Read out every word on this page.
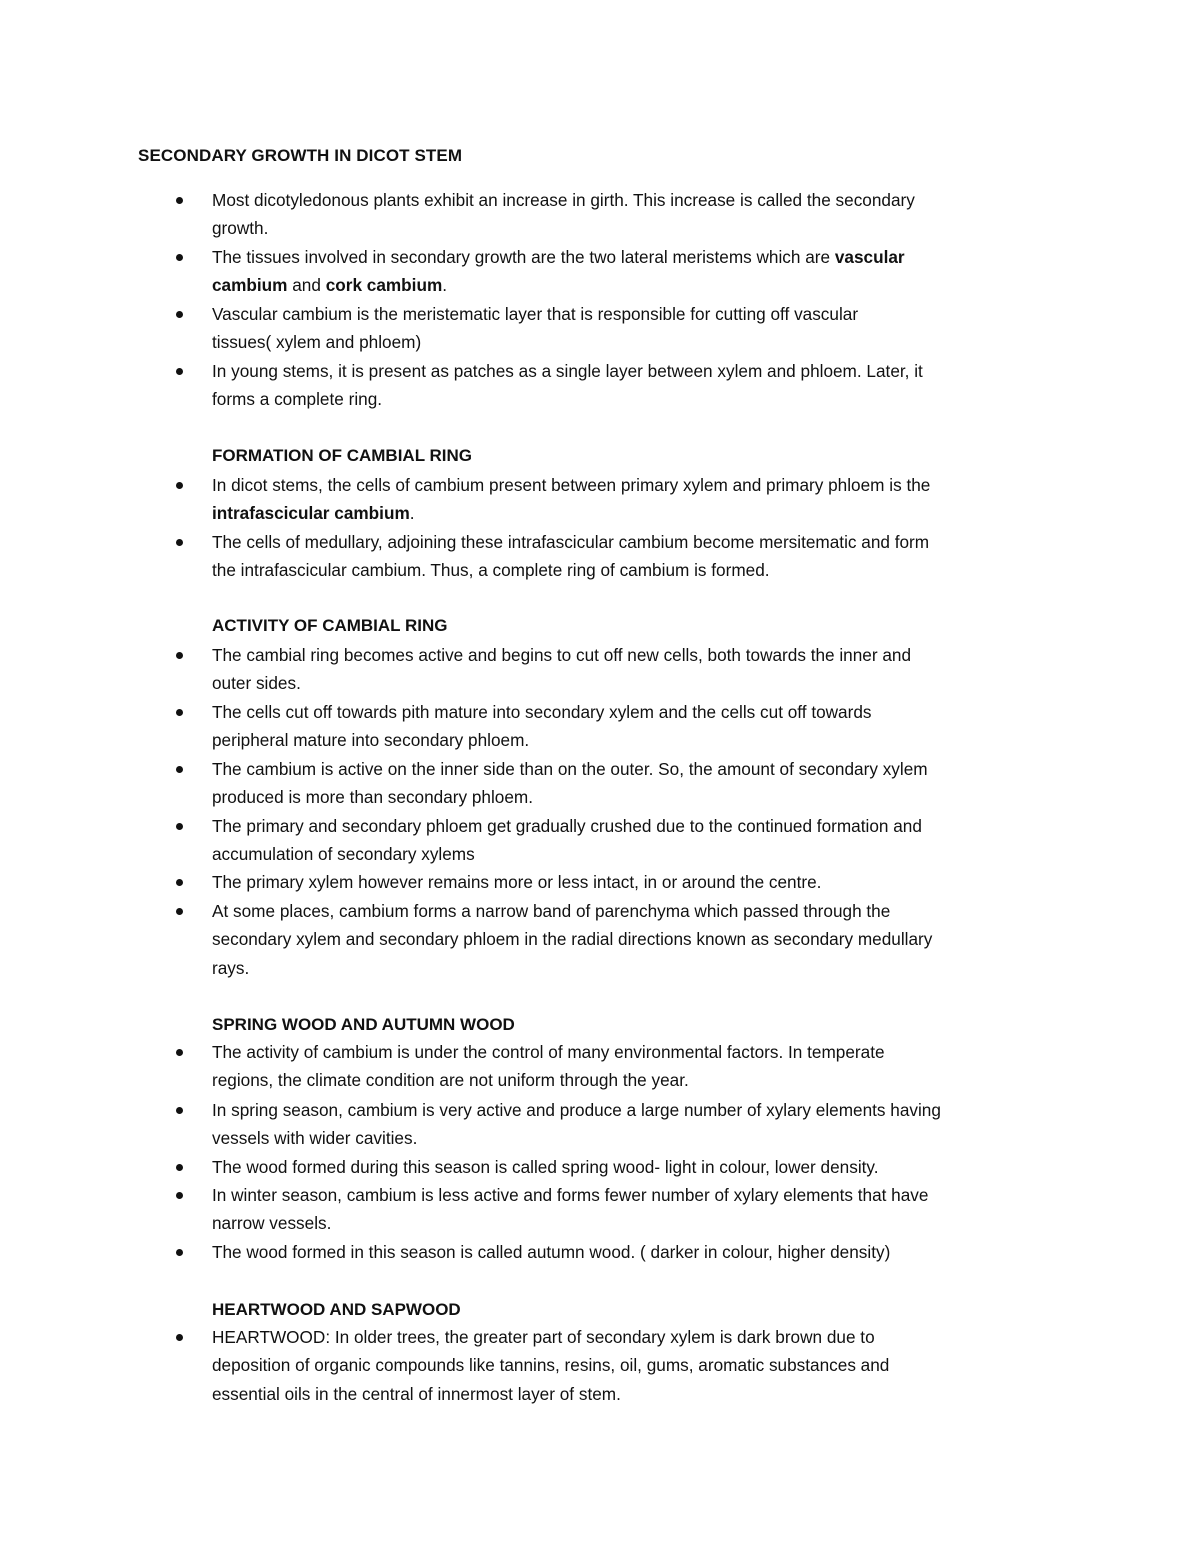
SECONDARY GROWTH IN DICOT STEM

Most dicotyledonous plants exhibit an increase in girth. This increase is called the secondary

growth.

The tissues involved in secondary growth are the two lateral meristems which are vascular

cambium and cork cambium.

Vascular cambium is the meristematic layer that is responsible for cutting off vascular

tissues( xylem and phloem)

In young stems, it is present as patches as a single layer between xylem and phloem. Later, it

forms a complete ring.

FORMATION OF CAMBIAL RING

In dicot stems, the cells of cambium present between primary xylem and primary phloem is the

intrafascicular cambium.

The cells of medullary, adjoining these intrafascicular cambium become mersitematic and form

the intrafascicular cambium. Thus, a complete ring of cambium is formed.

ACTIVITY OF CAMBIAL RING

The cambial ring becomes active and begins to cut off new cells, both towards the inner and

outer sides.

The cells cut off towards pith mature into secondary xylem and the cells cut off towards

peripheral mature into secondary phloem.

The cambium is active on the inner side than on the outer. So, the amount of secondary xylem

produced is more than secondary phloem.

The primary and secondary phloem get gradually crushed due to the continued formation and

accumulation of secondary xylems

The primary xylem however remains more or less intact, in or around the centre.

At some places, cambium forms a narrow band of parenchyma which passed through the

secondary xylem and secondary phloem in the radial directions known as secondary medullary

rays.

SPRING WOOD AND AUTUMN WOOD

The activity of cambium is under the control of many environmental factors. In temperate

regions, the climate condition are not uniform through the year.

In spring season, cambium is very active and produce a large number of xylary elements having

vessels with wider cavities.

The wood formed during this season is called spring wood- light in colour, lower density.

In winter season, cambium is less active and forms fewer number of xylary elements that have

narrow vessels.

The wood formed in this season is called autumn wood. ( darker in colour, higher density)

HEARTWOOD AND SAPWOOD

HEARTWOOD: In older trees, the greater part of secondary xylem is dark brown due to

deposition of organic compounds like tannins, resins, oil, gums, aromatic substances and

essential oils in the central of innermost layer of stem.
